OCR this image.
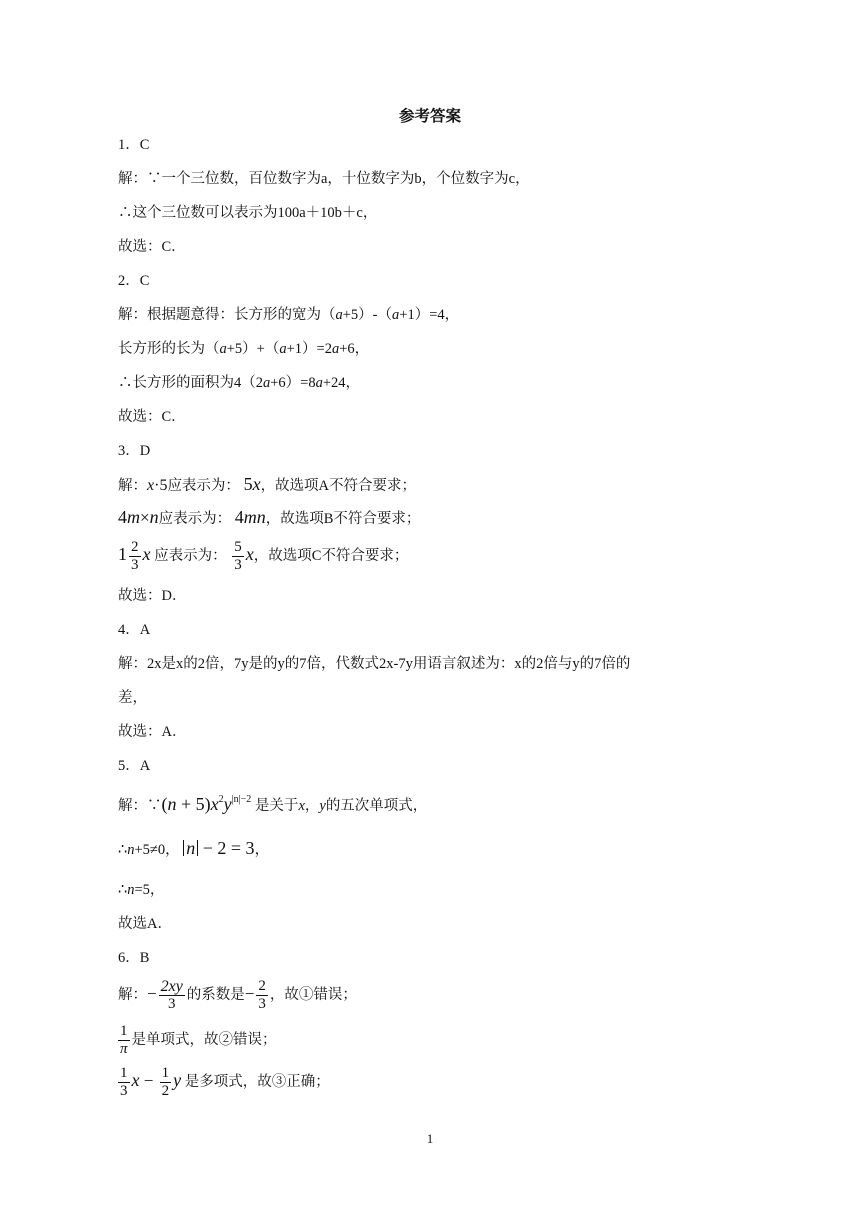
参考答案
1．C
解：∵一个三位数，百位数字为a，十位数字为b，个位数字为c，
∴这个三位数可以表示为100a＋10b＋c，
故选：C．
2．C
解：根据题意得：长方形的宽为（a+5）-（a+1）=4，
长方形的长为（a+5）+（a+1）=2a+6，
∴长方形的面积为4（2a+6）=8a+24，
故选：C．
3．D
解：x·5应表示为： 5x，故选项A不符合要求；
4m×n应表示为： 4mn，故选项B不符合要求；
$1 \frac{2}{3}$ x 应表示为： $\frac{5}{3}$ x，故选项C不符合要求；
故选：D．
4．A
解：2x是x的2倍，7y是的y的7倍，代数式2x-7y用语言叙述为：x的2倍与y的7倍的
差，
故选：A．
5．A
解：∵(n + $5)x^2y^{|n|-2}$ 是关于x，y的五次单项式，
∴n+5≠0， n − 2 = 3，
∴n=5，
故选A．
6．B
解：− $\frac{2xy}{3}$ 的系数是− $\frac{2}{3}$ ，故①错误；
$\frac{1}{\pi}$ 是单项式，故②错误；
$\frac{1}{3}$ $x - \frac{1}{2}$ y 是多项式，故③正确；
1
